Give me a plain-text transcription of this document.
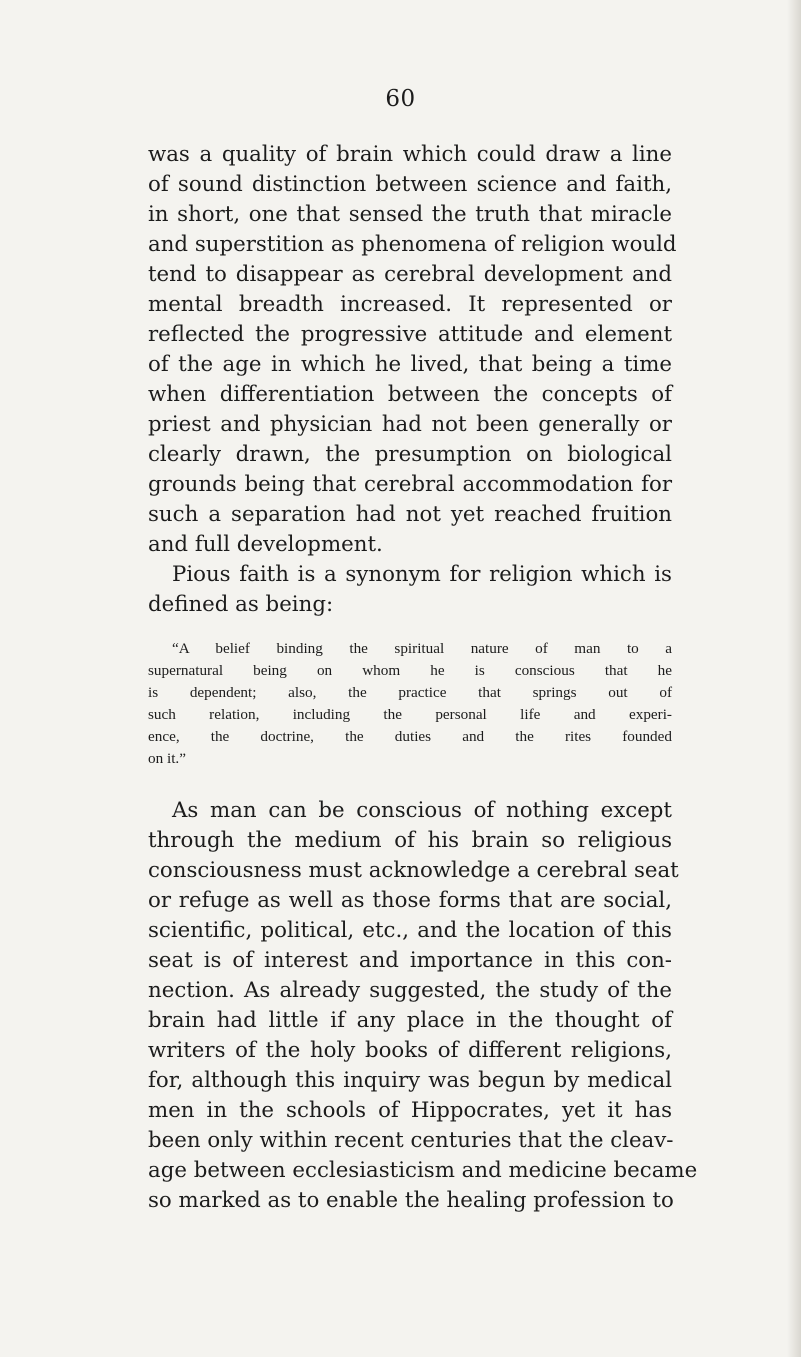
60
was a quality of brain which could draw a line
of sound distinction between science and faith,
in short, one that sensed the truth that miracle
and superstition as phenomena of religion would
tend to disappear as cerebral development and
mental breadth increased. It represented or
reflected the progressive attitude and element
of the age in which he lived, that being a time
when differentiation between the concepts of
priest and physician had not been generally or
clearly drawn, the presumption on biological
grounds being that cerebral accommodation for
such a separation had not yet reached fruition
and full development.
Pious faith is a synonym for religion which is
defined as being:
“A belief binding the spiritual nature of man to a
supernatural being on whom he is conscious that he
is dependent; also, the practice that springs out of
such relation, including the personal life and experi-
ence, the doctrine, the duties and the rites founded
on it.”
As man can be conscious of nothing except
through the medium of his brain so religious
consciousness must acknowledge a cerebral seat
or refuge as well as those forms that are social,
scientific, political, etc., and the location of this
seat is of interest and importance in this con-
nection. As already suggested, the study of the
brain had little if any place in the thought of
writers of the holy books of different religions,
for, although this inquiry was begun by medical
men in the schools of Hippocrates, yet it has
been only within recent centuries that the cleav-
age between ecclesiasticism and medicine became
so marked as to enable the healing profession to
